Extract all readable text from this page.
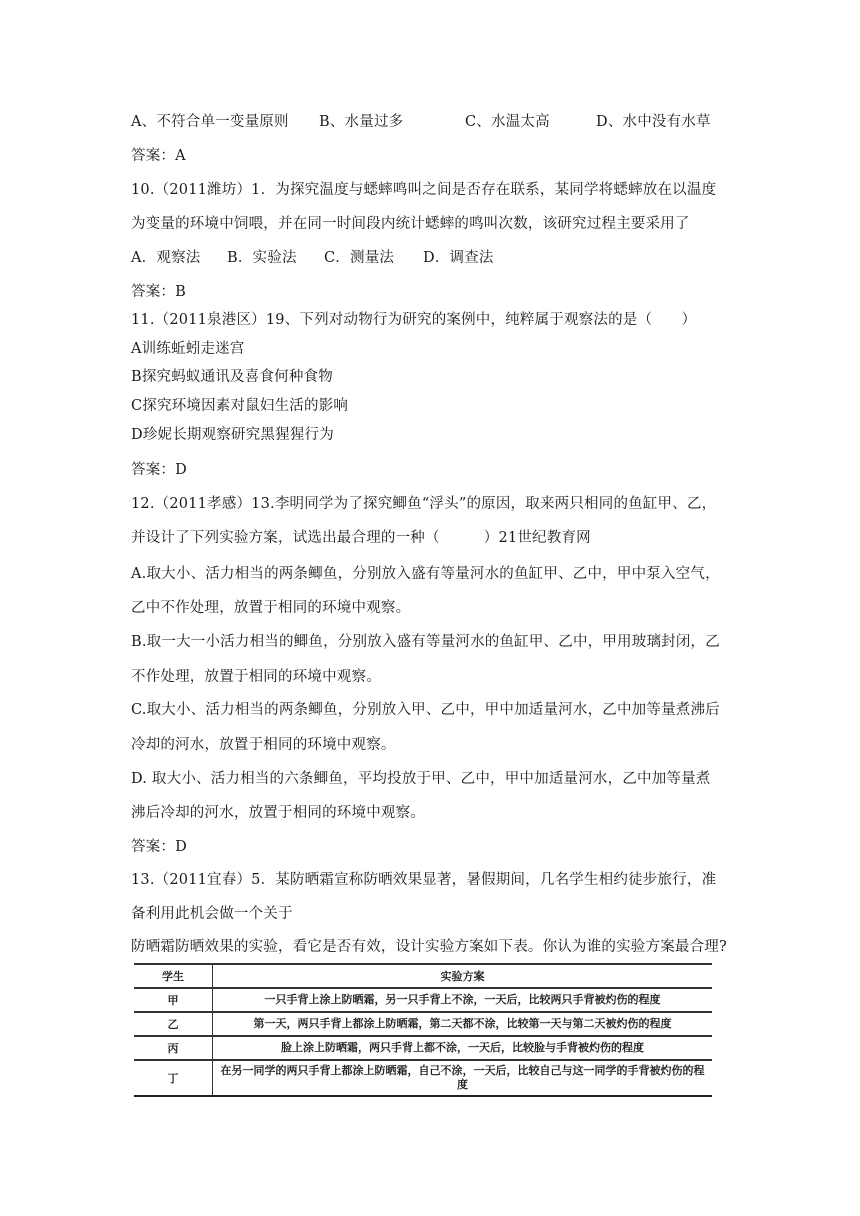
A、不符合单一变量原则 B、水量过多	C、水温太高	D、水中没有水草
答案：A
10.（2011潍坊）1．为探究温度与蟋蟀鸣叫之间是否存在联系，某同学将蟋蟀放在以温度
为变量的环境中饲喂，并在同一时间段内统计蟋蟀的鸣叫次数，该研究过程主要采用了
A．观察法 B．实验法 C．测量法 D．调查法
答案：B
11.（2011泉港区）19、下列对动物行为研究的案例中，纯粹属于观察法的是（　　）
A训练蚯蚓走迷宫
B探究蚂蚁通讯及喜食何种食物
C探究环境因素对鼠妇生活的影响
D珍妮长期观察研究黑猩猩行为
答案：D
12.（2011孝感）13.李明同学为了探究鲫鱼“浮头”的原因，取来两只相同的鱼缸甲、乙，
并设计了下列实验方案，试选出最合理的一种（　　　）21世纪教育网
A.取大小、活力相当的两条鲫鱼，分别放入盛有等量河水的鱼缸甲、乙中，甲中泵入空气，
乙中不作处理，放置于相同的环境中观察。
B.取一大一小活力相当的鲫鱼，分别放入盛有等量河水的鱼缸甲、乙中，甲用玻璃封闭，乙
不作处理，放置于相同的环境中观察。
C.取大小、活力相当的两条鲫鱼，分别放入甲、乙中，甲中加适量河水，乙中加等量煮沸后
冷却的河水，放置于相同的环境中观察。
D. 取大小、活力相当的六条鲫鱼，平均投放于甲、乙中，甲中加适量河水，乙中加等量煮
沸后冷却的河水，放置于相同的环境中观察。
答案：D
13.（2011宜春）5．某防晒霜宣称防晒效果显著，暑假期间，几名学生相约徒步旅行，准
备利用此机会做一个关于
防晒霜防晒效果的实验，看它是否有效，设计实验方案如下表。你认为谁的实验方案最合理?
学生	实验方案
甲	一只手背上涂上防晒霜，另一只手背上不涂，一天后，比较两只手背被灼伤的程度
乙	第一天，两只手背上都涂上防晒霜，第二天都不涂，比较第一天与第二天被灼伤的程度
丙	脸上涂上防晒霜，两只手背上都不涂，一天后，比较脸与手背被灼伤的程度
丁	在另一同学的两只手背上都涂上防晒霜，自己不涂，一天后，比较自己与这一同学的手背被灼伤的程度
